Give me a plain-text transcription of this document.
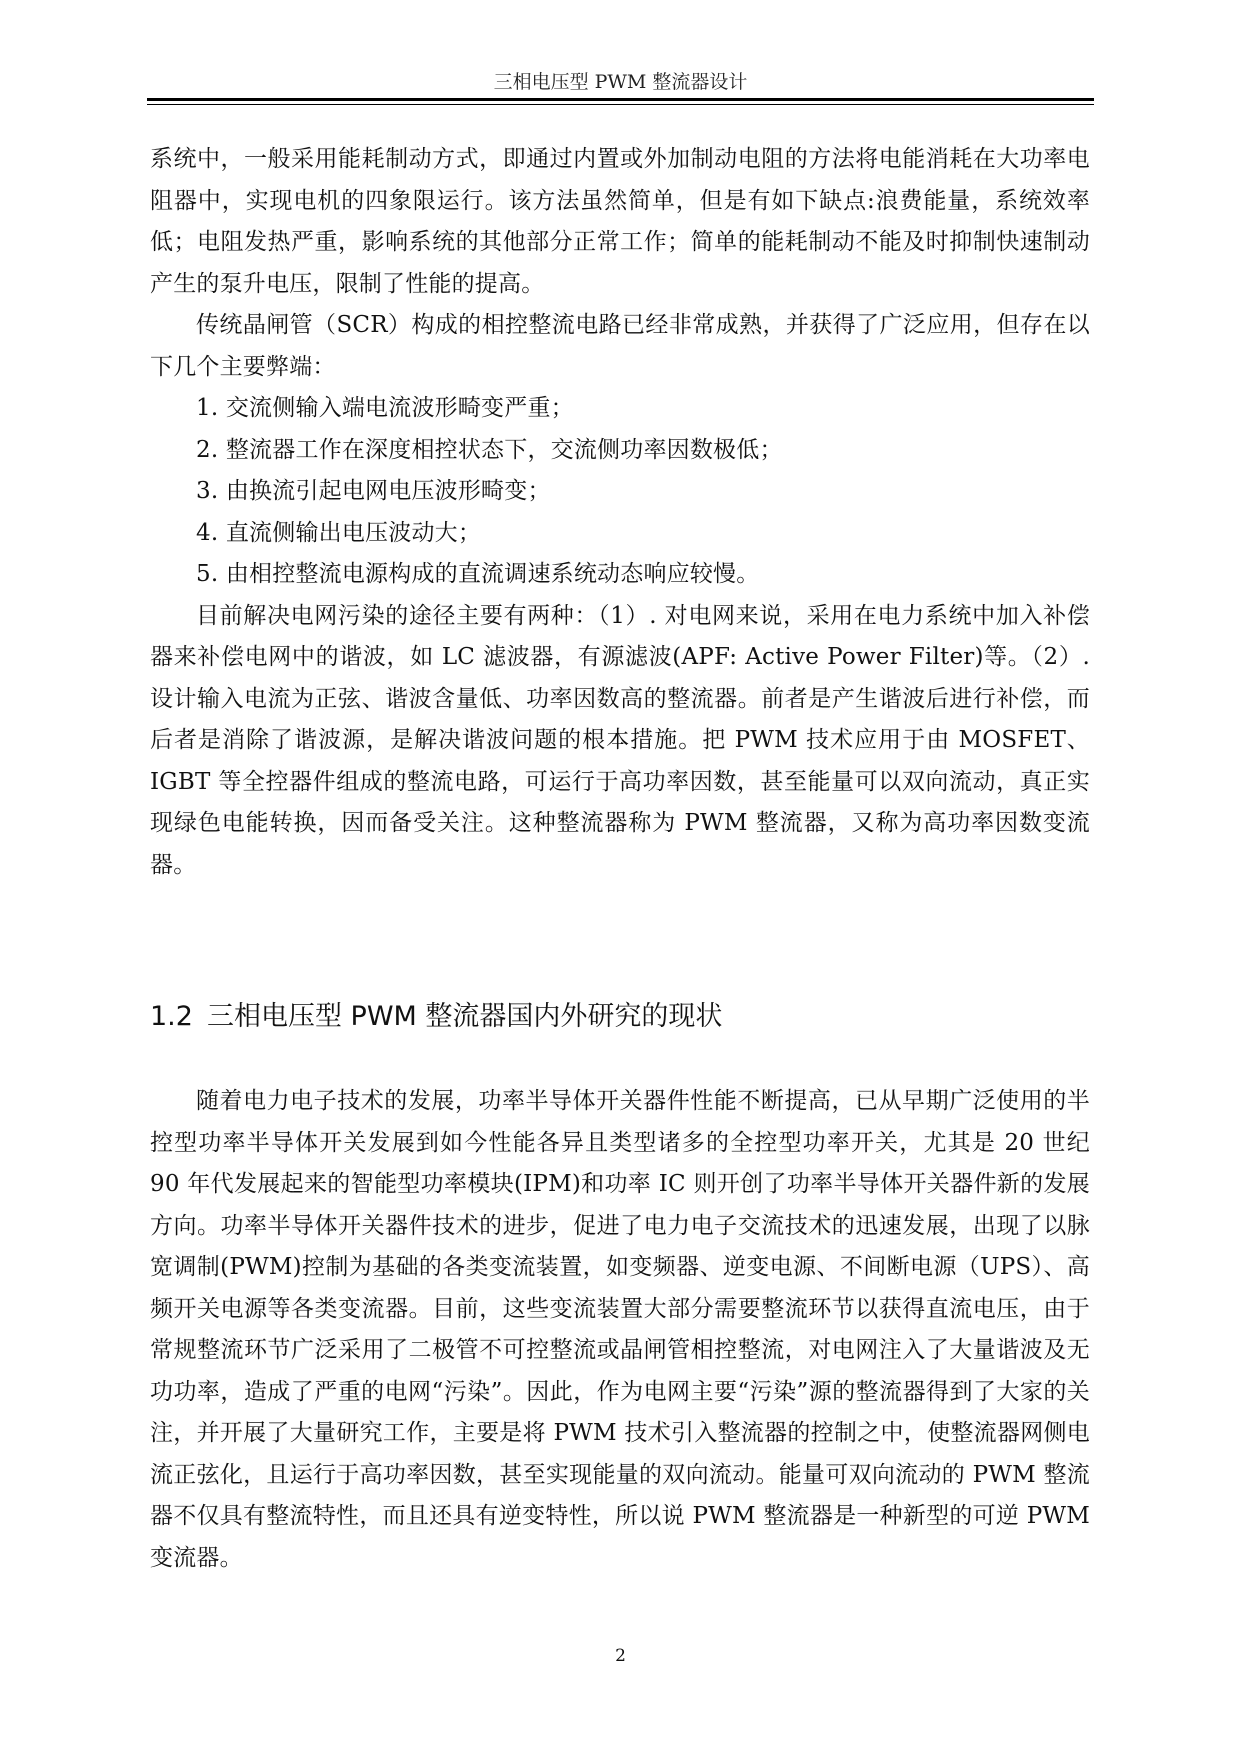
三相电压型 PWM 整流器设计

系统中，一般采用能耗制动方式，即通过内置或外加制动电阻的方法将电能消耗在大功率电阻器中，实现电机的四象限运行。该方法虽然简单，但是有如下缺点:浪费能量，系统效率低；电阻发热严重，影响系统的其他部分正常工作；简单的能耗制动不能及时抑制快速制动产生的泵升电压，限制了性能的提高。

传统晶闸管（SCR）构成的相控整流电路已经非常成熟，并获得了广泛应用，但存在以下几个主要弊端：

1. 交流侧输入端电流波形畸变严重；
2. 整流器工作在深度相控状态下，交流侧功率因数极低；
3. 由换流引起电网电压波形畸变；
4. 直流侧输出电压波动大；
5. 由相控整流电源构成的直流调速系统动态响应较慢。

目前解决电网污染的途径主要有两种：（1）. 对电网来说，采用在电力系统中加入补偿器来补偿电网中的谐波，如 LC 滤波器，有源滤波(APF: Active Power Filter)等。（2）. 设计输入电流为正弦、谐波含量低、功率因数高的整流器。前者是产生谐波后进行补偿，而后者是消除了谐波源，是解决谐波问题的根本措施。把 PWM 技术应用于由 MOSFET、IGBT 等全控器件组成的整流电路，可运行于高功率因数，甚至能量可以双向流动，真正实现绿色电能转换，因而备受关注。这种整流器称为 PWM 整流器，又称为高功率因数变流器。

1.2 三相电压型 PWM 整流器国内外研究的现状

随着电力电子技术的发展，功率半导体开关器件性能不断提高，已从早期广泛使用的半控型功率半导体开关发展到如今性能各异且类型诸多的全控型功率开关，尤其是 20 世纪 90 年代发展起来的智能型功率模块(IPM)和功率 IC 则开创了功率半导体开关器件新的发展方向。功率半导体开关器件技术的进步，促进了电力电子交流技术的迅速发展，出现了以脉宽调制(PWM)控制为基础的各类变流装置，如变频器、逆变电源、不间断电源（UPS）、高频开关电源等各类变流器。目前，这些变流装置大部分需要整流环节以获得直流电压，由于常规整流环节广泛采用了二极管不可控整流或晶闸管相控整流，对电网注入了大量谐波及无功功率，造成了严重的电网“污染”。因此，作为电网主要“污染”源的整流器得到了大家的关注，并开展了大量研究工作，主要是将 PWM 技术引入整流器的控制之中，使整流器网侧电流正弦化，且运行于高功率因数，甚至实现能量的双向流动。能量可双向流动的 PWM 整流器不仅具有整流特性，而且还具有逆变特性，所以说 PWM 整流器是一种新型的可逆 PWM 变流器。

2
